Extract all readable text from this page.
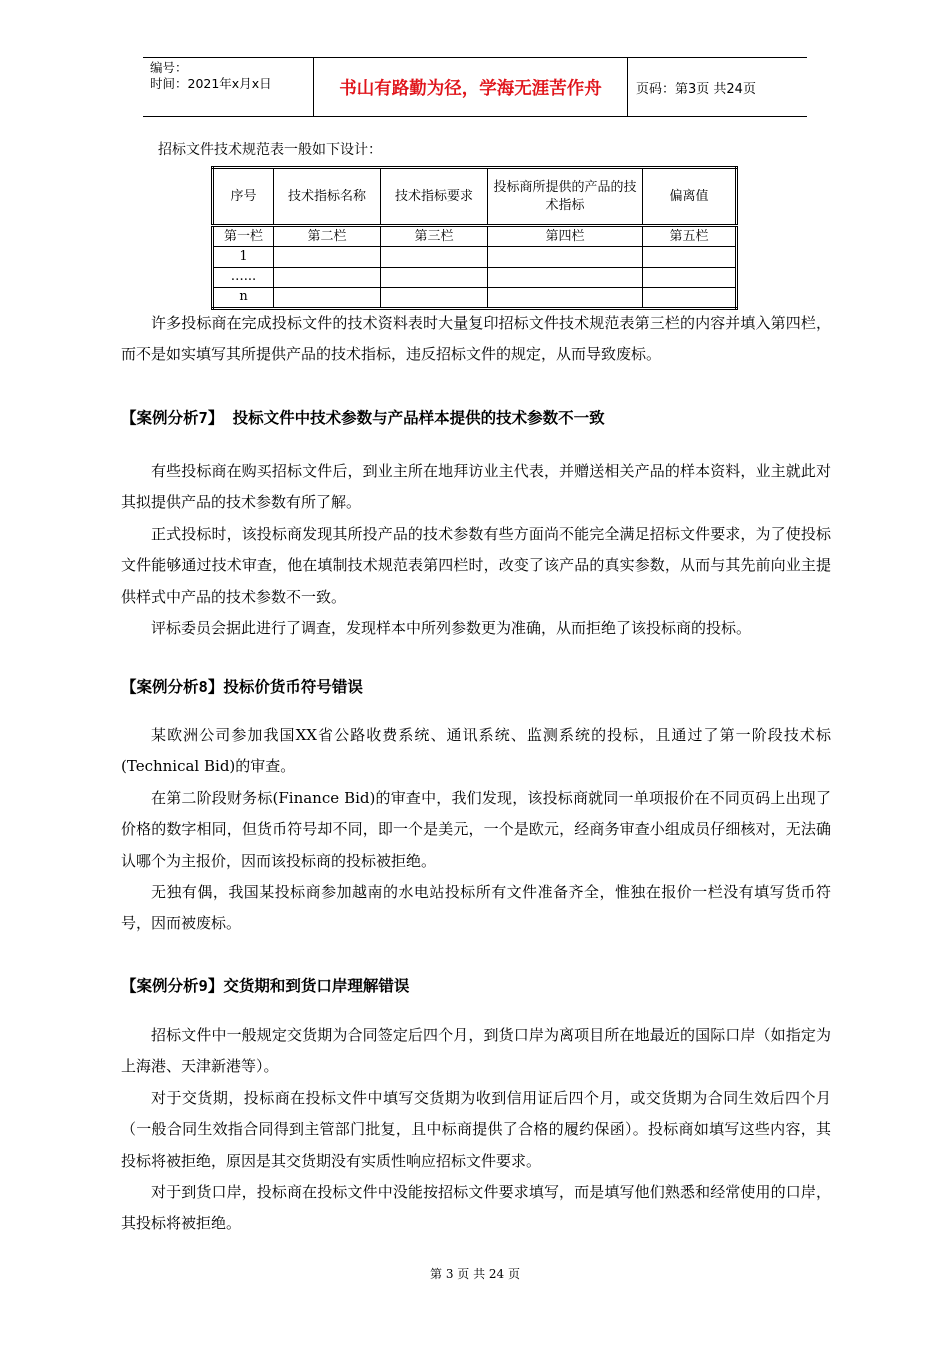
编号：
时间：2021年x月x日	书山有路勤为径，学海无涯苦作舟	页码：第3页 共24页
招标文件技术规范表一般如下设计：
序号	技术指标名称	技术指标要求	投标商所提供的产品的技术指标	偏离值
第一栏	第二栏	第三栏	第四栏	第五栏
1				
…...				
n				

许多投标商在完成投标文件的技术资料表时大量复印招标文件技术规范表第三栏的内容并填入第四栏，而不是如实填写其所提供产品的技术指标，违反招标文件的规定，从而导致废标。

【案例分析7】 投标文件中技术参数与产品样本提供的技术参数不一致

有些投标商在购买招标文件后，到业主所在地拜访业主代表，并赠送相关产品的样本资料，业主就此对其拟提供产品的技术参数有所了解。

正式投标时，该投标商发现其所投产品的技术参数有些方面尚不能完全满足招标文件要求，为了使投标文件能够通过技术审查，他在填制技术规范表第四栏时，改变了该产品的真实参数，从而与其先前向业主提供样式中产品的技术参数不一致。

评标委员会据此进行了调查，发现样本中所列参数更为准确，从而拒绝了该投标商的投标。

【案例分析8】投标价货币符号错误

某欧洲公司参加我国XX省公路收费系统、通讯系统、监测系统的投标，且通过了第一阶段技术标(Technical Bid)的审查。

在第二阶段财务标(Finance Bid)的审查中，我们发现，该投标商就同一单项报价在不同页码上出现了价格的数字相同，但货币符号却不同，即一个是美元，一个是欧元，经商务审查小组成员仔细核对，无法确认哪个为主报价，因而该投标商的投标被拒绝。

无独有偶，我国某投标商参加越南的水电站投标所有文件准备齐全，惟独在报价一栏没有填写货币符号，因而被废标。

【案例分析9】交货期和到货口岸理解错误

招标文件中一般规定交货期为合同签定后四个月，到货口岸为离项目所在地最近的国际口岸（如指定为上海港、天津新港等）。

对于交货期，投标商在投标文件中填写交货期为收到信用证后四个月，或交货期为合同生效后四个月（一般合同生效指合同得到主管部门批复，且中标商提供了合格的履约保函）。投标商如填写这些内容，其投标将被拒绝，原因是其交货期没有实质性响应招标文件要求。

对于到货口岸，投标商在投标文件中没能按招标文件要求填写，而是填写他们熟悉和经常使用的口岸，其投标将被拒绝。

第 3 页 共 24 页
